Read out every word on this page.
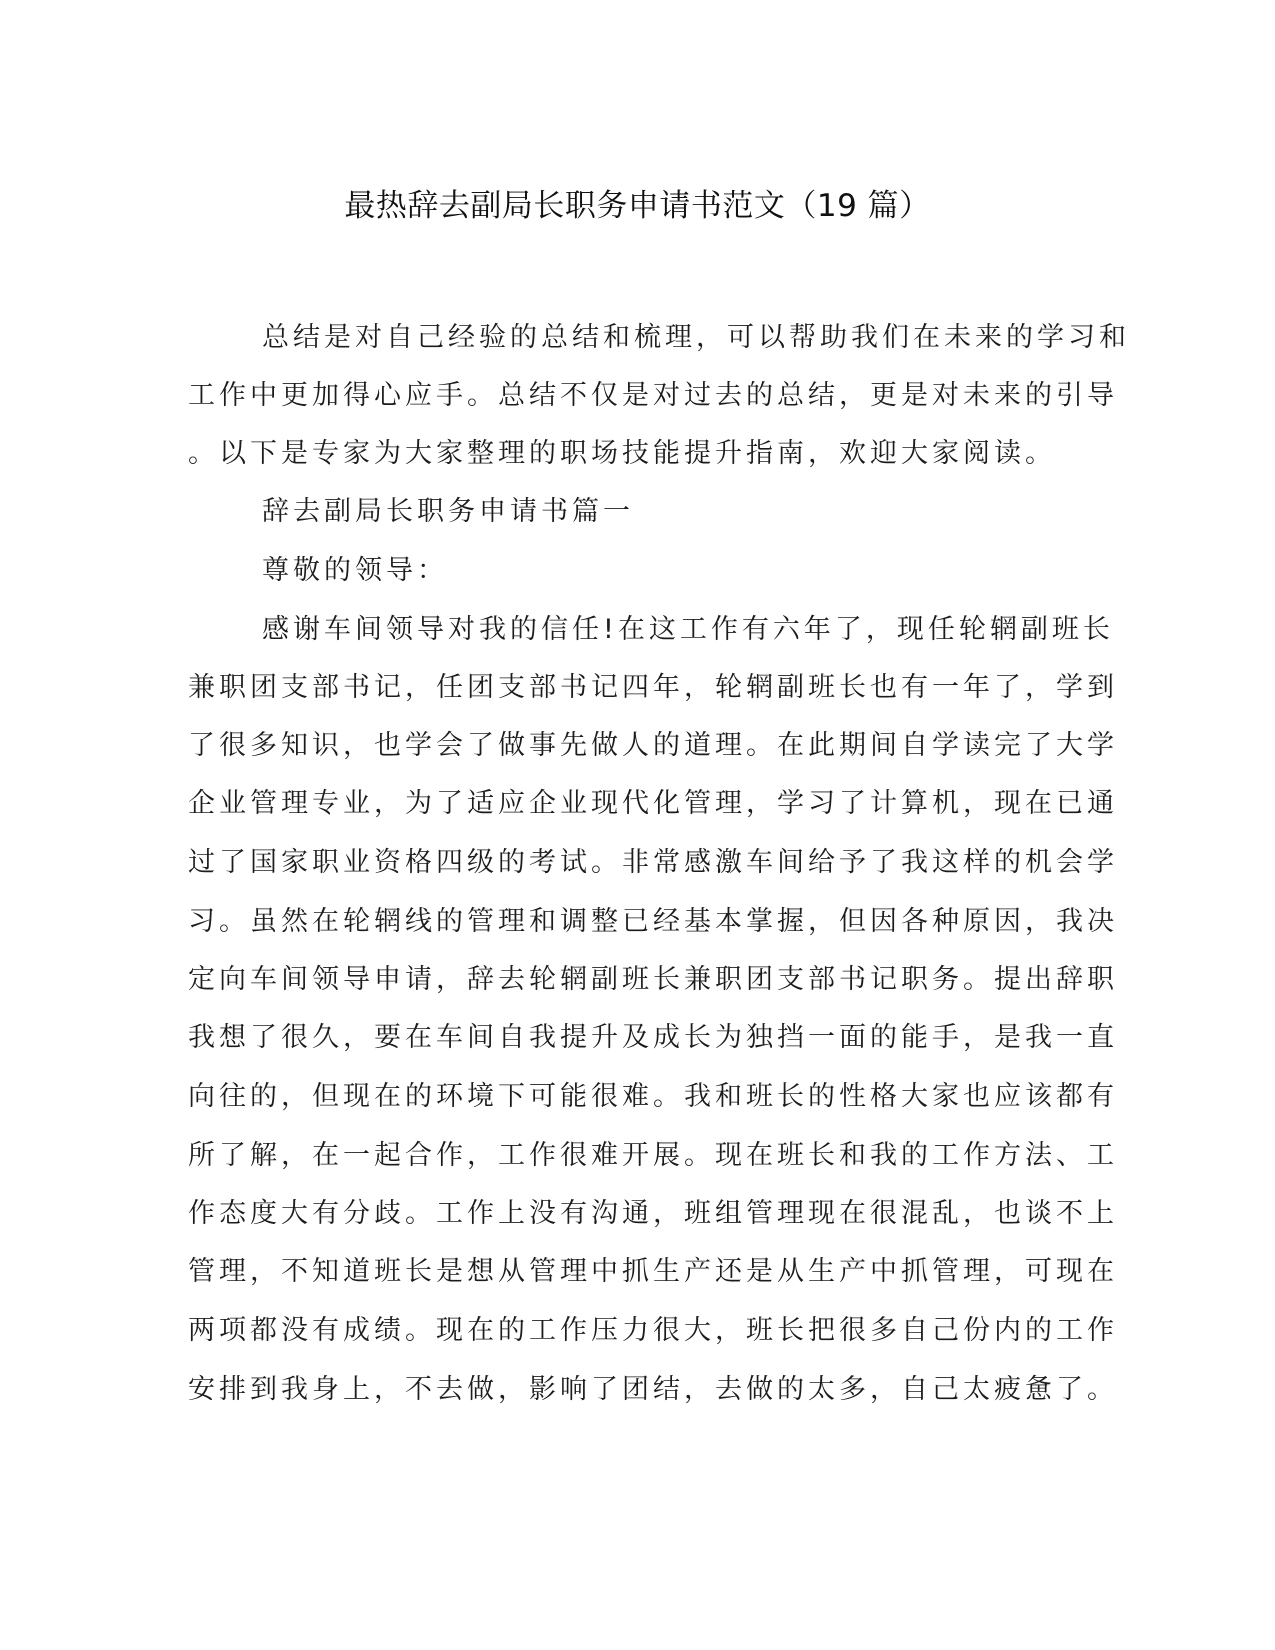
最热辞去副局长职务申请书范文（19 篇）
总结是对自己经验的总结和梳理，可以帮助我们在未来的学习和
工作中更加得心应手。总结不仅是对过去的总结，更是对未来的引导
。以下是专家为大家整理的职场技能提升指南，欢迎大家阅读。
辞去副局长职务申请书篇一
尊敬的领导：
感谢车间领导对我的信任!在这工作有六年了，现任轮辋副班长
兼职团支部书记，任团支部书记四年，轮辋副班长也有一年了，学到
了很多知识，也学会了做事先做人的道理。在此期间自学读完了大学
企业管理专业，为了适应企业现代化管理，学习了计算机，现在已通
过了国家职业资格四级的考试。非常感激车间给予了我这样的机会学
习。虽然在轮辋线的管理和调整已经基本掌握，但因各种原因，我决
定向车间领导申请，辞去轮辋副班长兼职团支部书记职务。提出辞职
我想了很久，要在车间自我提升及成长为独挡一面的能手，是我一直
向往的，但现在的环境下可能很难。我和班长的性格大家也应该都有
所了解，在一起合作，工作很难开展。现在班长和我的工作方法、工
作态度大有分歧。工作上没有沟通，班组管理现在很混乱，也谈不上
管理，不知道班长是想从管理中抓生产还是从生产中抓管理，可现在
两项都没有成绩。现在的工作压力很大，班长把很多自己份内的工作
安排到我身上，不去做，影响了团结，去做的太多，自己太疲惫了。
